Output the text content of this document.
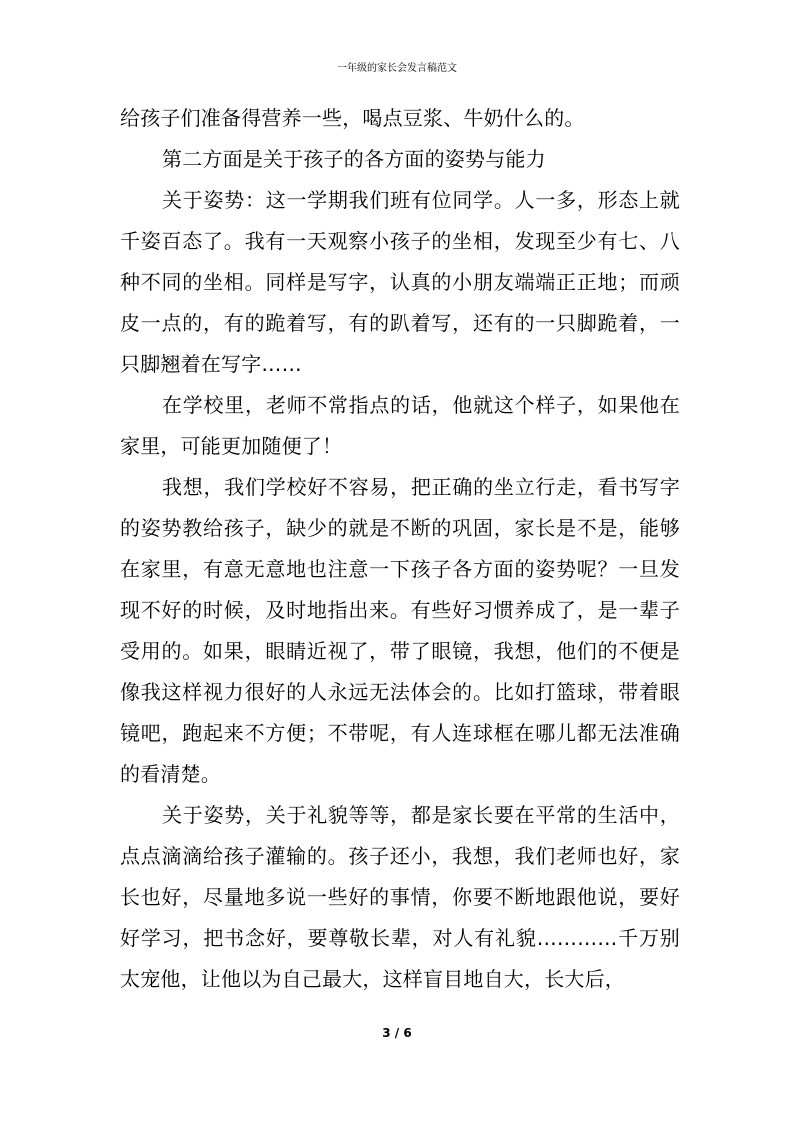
一年级的家长会发言稿范文

给孩子们准备得营养一些，喝点豆浆、牛奶什么的。

第二方面是关于孩子的各方面的姿势与能力

关于姿势：这一学期我们班有位同学。人一多，形态上就千姿百态了。我有一天观察小孩子的坐相，发现至少有七、八种不同的坐相。同样是写字，认真的小朋友端端正正地；而顽皮一点的，有的跪着写，有的趴着写，还有的一只脚跪着，一只脚翘着在写字……

在学校里，老师不常指点的话，他就这个样子，如果他在家里，可能更加随便了！

我想，我们学校好不容易，把正确的坐立行走，看书写字的姿势教给孩子，缺少的就是不断的巩固，家长是不是，能够在家里，有意无意地也注意一下孩子各方面的姿势呢？一旦发现不好的时候，及时地指出来。有些好习惯养成了，是一辈子受用的。如果，眼睛近视了，带了眼镜，我想，他们的不便是像我这样视力很好的人永远无法体会的。比如打篮球，带着眼镜吧，跑起来不方便；不带呢，有人连球框在哪儿都无法准确的看清楚。

关于姿势，关于礼貌等等，都是家长要在平常的生活中，点点滴滴给孩子灌输的。孩子还小，我想，我们老师也好，家长也好，尽量地多说一些好的事情，你要不断地跟他说，要好好学习，把书念好，要尊敬长辈，对人有礼貌…………千万别太宠他，让他以为自己最大，这样盲目地自大，长大后，

3 / 6
